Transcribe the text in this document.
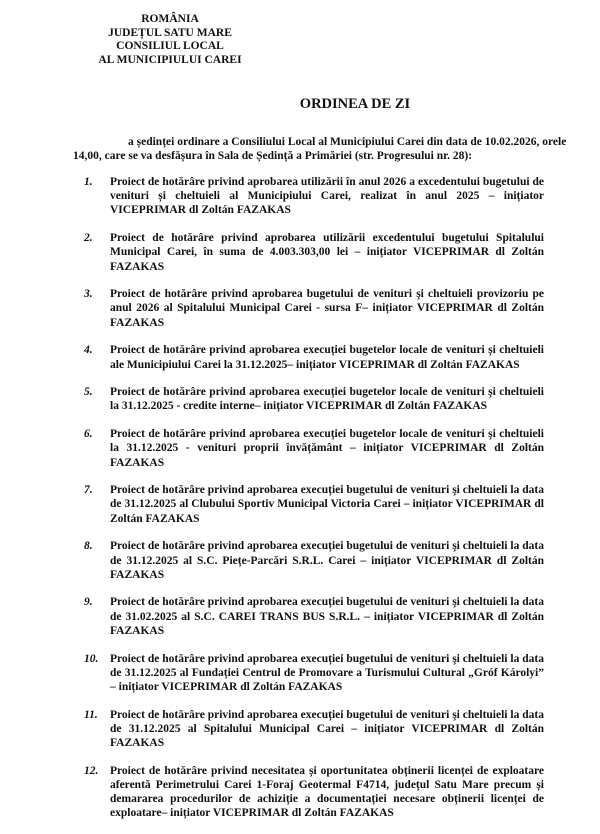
ROMÂNIA
JUDEȚUL SATU MARE
CONSILIUL LOCAL
AL MUNICIPIULUI CAREI
ORDINEA DE ZI
a ședinței ordinare a Consiliului Local al Municipiului Carei din data de 10.02.2026, orele
14,00, care se va desfășura în Sala de Ședință a Primăriei (str. Progresului nr. 28):
1. Proiect de hotărâre privind aprobarea utilizării în anul 2026 a excedentului bugetului de venituri și cheltuieli al Municipiului Carei, realizat în anul 2025 – inițiator VICEPRIMAR dl Zoltán FAZAKAS
2. Proiect de hotărâre privind aprobarea utilizării excedentului bugetului Spitalului Municipal Carei, în suma de 4.003.303,00 lei – inițiator VICEPRIMAR dl Zoltán FAZAKAS
3. Proiect de hotărâre privind aprobarea bugetului de venituri şi cheltuieli provizoriu pe anul 2026 al Spitalului Municipal Carei - sursa F– inițiator VICEPRIMAR dl Zoltán FAZAKAS
4. Proiect de hotărâre privind aprobarea execuției bugetelor locale de venituri și cheltuieli ale Municipiului Carei la 31.12.2025– inițiator VICEPRIMAR dl Zoltán FAZAKAS
5. Proiect de hotărâre privind aprobarea execuției bugetelor locale de venituri şi cheltuieli la 31.12.2025 - credite interne– inițiator VICEPRIMAR dl Zoltán FAZAKAS
6. Proiect de hotărâre privind aprobarea execuției bugetelor locale de venituri şi cheltuieli la 31.12.2025 - venituri proprii învățământ – inițiator VICEPRIMAR dl Zoltán FAZAKAS
7. Proiect de hotărâre privind aprobarea execuției bugetului de venituri şi cheltuieli la data de 31.12.2025 al Clubului Sportiv Municipal Victoria Carei – inițiator VICEPRIMAR dl Zoltán FAZAKAS
8. Proiect de hotărâre privind aprobarea execuției bugetului de venituri şi cheltuieli la data de 31.12.2025 al S.C. Piețe-Parcări S.R.L. Carei – inițiator VICEPRIMAR dl Zoltán FAZAKAS
9. Proiect de hotărâre privind aprobarea execuției bugetului de venituri şi cheltuieli la data de 31.02.2025 al S.C. CAREI TRANS BUS S.R.L. – inițiator VICEPRIMAR dl Zoltán FAZAKAS
10. Proiect de hotărâre privind aprobarea execuției bugetului de venituri şi cheltuieli la data de 31.12.2025 al Fundației Centrul de Promovare a Turismului Cultural „Gróf Károlyi” – inițiator VICEPRIMAR dl Zoltán FAZAKAS
11. Proiect de hotărâre privind aprobarea execuției bugetului de venituri şi cheltuieli la data de 31.12.2025 al Spitalului Municipal Carei – inițiator VICEPRIMAR dl Zoltán FAZAKAS
12. Proiect de hotărâre privind necesitatea și oportunitatea obținerii licenței de exploatare aferentă Perimetrului Carei 1-Foraj Geotermal F4714, județul Satu Mare precum și demararea procedurilor de achiziție a documentației necesare obținerii licenței de exploatare– inițiator VICEPRIMAR dl Zoltán FAZAKAS
